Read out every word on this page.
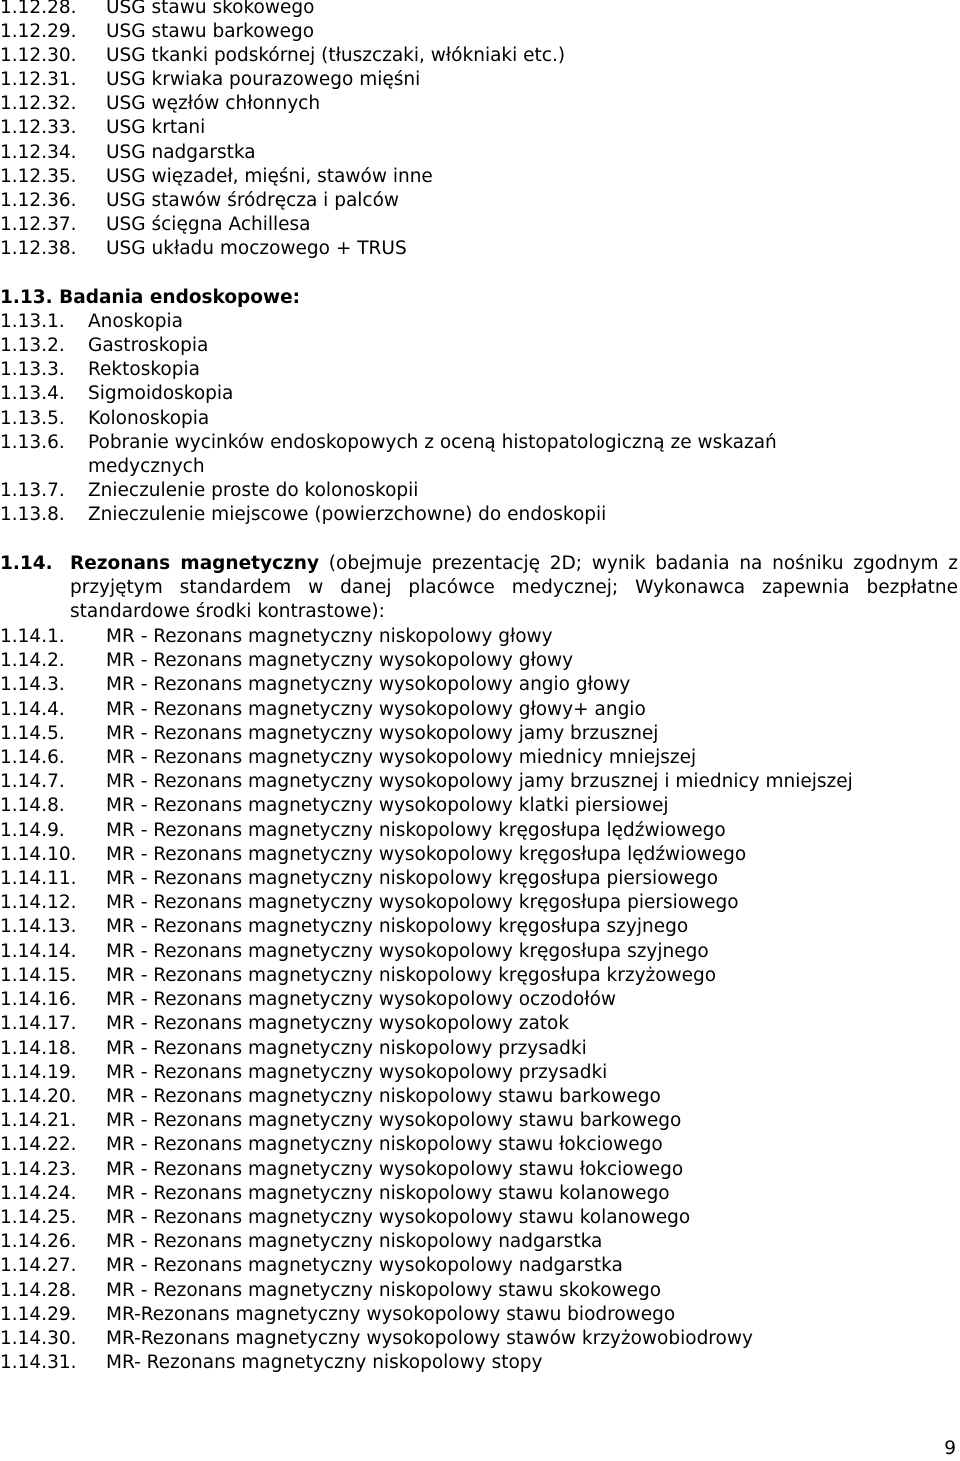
1.12.28. USG stawu skokowego
1.12.29. USG stawu barkowego
1.12.30. USG tkanki podskórnej (tłuszczaki, włókniaki etc.)
1.12.31. USG krwiaka pourazowego mięśni
1.12.32. USG węzłów chłonnych
1.12.33. USG krtani
1.12.34. USG nadgarstka
1.12.35. USG więzadeł, mięśni, stawów inne
1.12.36. USG stawów śródręcza i palców
1.12.37. USG ścięgna Achillesa
1.12.38. USG układu moczowego + TRUS
1.13. Badania endoskopowe:
1.13.1. Anoskopia
1.13.2. Gastroskopia
1.13.3. Rektoskopia
1.13.4. Sigmoidoskopia
1.13.5. Kolonoskopia
1.13.6. Pobranie wycinków endoskopowych z oceną histopatologiczną ze wskazań
medycznych
1.13.7. Znieczulenie proste do kolonoskopii
1.13.8. Znieczulenie miejscowe (powierzchowne) do endoskopii
1.14. Rezonans magnetyczny (obejmuje prezentację 2D; wynik badania na nośniku zgodnym z przyjętym standardem w danej placówce medycznej; Wykonawca zapewnia bezpłatne standardowe środki kontrastowe):
1.14.1. MR - Rezonans magnetyczny niskopolowy głowy
1.14.2. MR - Rezonans magnetyczny wysokopolowy głowy
1.14.3. MR - Rezonans magnetyczny wysokopolowy angio głowy
1.14.4. MR - Rezonans magnetyczny wysokopolowy głowy+ angio
1.14.5. MR - Rezonans magnetyczny wysokopolowy jamy brzusznej
1.14.6. MR - Rezonans magnetyczny wysokopolowy miednicy mniejszej
1.14.7. MR - Rezonans magnetyczny wysokopolowy jamy brzusznej i miednicy mniejszej
1.14.8. MR - Rezonans magnetyczny wysokopolowy klatki piersiowej
1.14.9. MR - Rezonans magnetyczny niskopolowy kręgosłupa lędźwiowego
1.14.10. MR - Rezonans magnetyczny wysokopolowy kręgosłupa lędźwiowego
1.14.11. MR - Rezonans magnetyczny niskopolowy kręgosłupa piersiowego
1.14.12. MR - Rezonans magnetyczny wysokopolowy kręgosłupa piersiowego
1.14.13. MR - Rezonans magnetyczny niskopolowy kręgosłupa szyjnego
1.14.14. MR - Rezonans magnetyczny wysokopolowy kręgosłupa szyjnego
1.14.15. MR - Rezonans magnetyczny niskopolowy kręgosłupa krzyżowego
1.14.16. MR - Rezonans magnetyczny wysokopolowy oczodołów
1.14.17. MR - Rezonans magnetyczny wysokopolowy zatok
1.14.18. MR - Rezonans magnetyczny niskopolowy przysadki
1.14.19. MR - Rezonans magnetyczny wysokopolowy przysadki
1.14.20. MR - Rezonans magnetyczny niskopolowy stawu barkowego
1.14.21. MR - Rezonans magnetyczny wysokopolowy stawu barkowego
1.14.22. MR - Rezonans magnetyczny niskopolowy stawu łokciowego
1.14.23. MR - Rezonans magnetyczny wysokopolowy stawu łokciowego
1.14.24. MR - Rezonans magnetyczny niskopolowy stawu kolanowego
1.14.25. MR - Rezonans magnetyczny wysokopolowy stawu kolanowego
1.14.26. MR - Rezonans magnetyczny niskopolowy nadgarstka
1.14.27. MR - Rezonans magnetyczny wysokopolowy nadgarstka
1.14.28. MR - Rezonans magnetyczny niskopolowy stawu skokowego
1.14.29. MR-Rezonans magnetyczny wysokopolowy stawu biodrowego
1.14.30. MR-Rezonans magnetyczny wysokopolowy stawów krzyżowobiodrowy
1.14.31. MR- Rezonans magnetyczny niskopolowy stopy
9
